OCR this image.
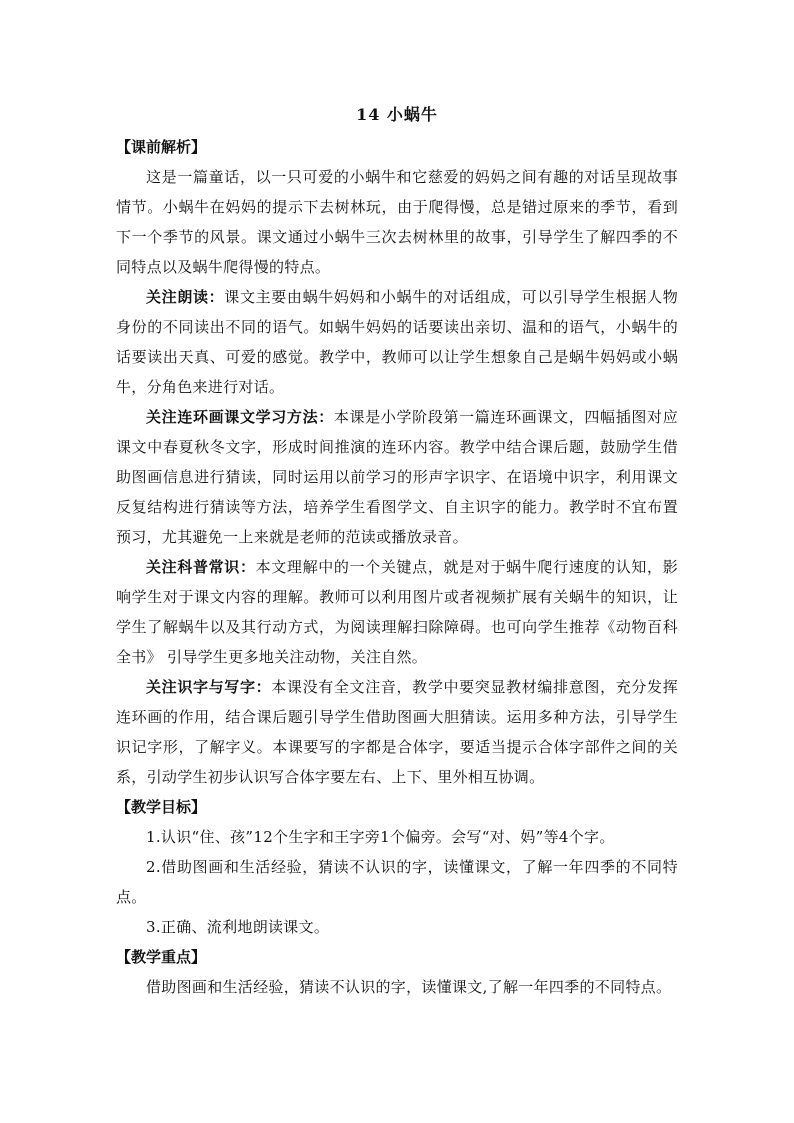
14 小蜗牛

【课前解析】

这是一篇童话，以一只可爱的小蜗牛和它慈爱的妈妈之间有趣的对话呈现故事情节。小蜗牛在妈妈的提示下去树林玩，由于爬得慢，总是错过原来的季节，看到下一个季节的风景。课文通过小蜗牛三次去树林里的故事，引导学生了解四季的不同特点以及蜗牛爬得慢的特点。

关注朗读：课文主要由蜗牛妈妈和小蜗牛的对话组成，可以引导学生根据人物身份的不同读出不同的语气。如蜗牛妈妈的话要读出亲切、温和的语气，小蜗牛的话要读出天真、可爱的感觉。教学中，教师可以让学生想象自己是蜗牛妈妈或小蜗牛，分角色来进行对话。

关注连环画课文学习方法：本课是小学阶段第一篇连环画课文，四幅插图对应课文中春夏秋冬文字，形成时间推演的连环内容。教学中结合课后题，鼓励学生借助图画信息进行猜读，同时运用以前学习的形声字识字、在语境中识字，利用课文反复结构进行猜读等方法，培养学生看图学文、自主识字的能力。教学时不宜布置预习，尤其避免一上来就是老师的范读或播放录音。

关注科普常识：本文理解中的一个关键点，就是对于蜗牛爬行速度的认知，影响学生对于课文内容的理解。教师可以利用图片或者视频扩展有关蜗牛的知识，让学生了解蜗牛以及其行动方式，为阅读理解扫除障碍。也可向学生推荐《动物百科全书》 引导学生更多地关注动物，关注自然。

关注识字与写字：本课没有全文注音，教学中要突显教材编排意图，充分发挥连环画的作用，结合课后题引导学生借助图画大胆猜读。运用多种方法，引导学生识记字形，了解字义。本课要写的字都是合体字，要适当提示合体字部件之间的关系，引动学生初步认识写合体字要左右、上下、里外相互协调。

【教学目标】

1.认识“住、孩”12个生字和王字旁1个偏旁。会写“对、妈”等4个字。

2.借助图画和生活经验，猜读不认识的字，读懂课文，了解一年四季的不同特点。

3.正确、流利地朗读课文。

【教学重点】

借助图画和生活经验，猜读不认识的字，读懂课文,了解一年四季的不同特点。
